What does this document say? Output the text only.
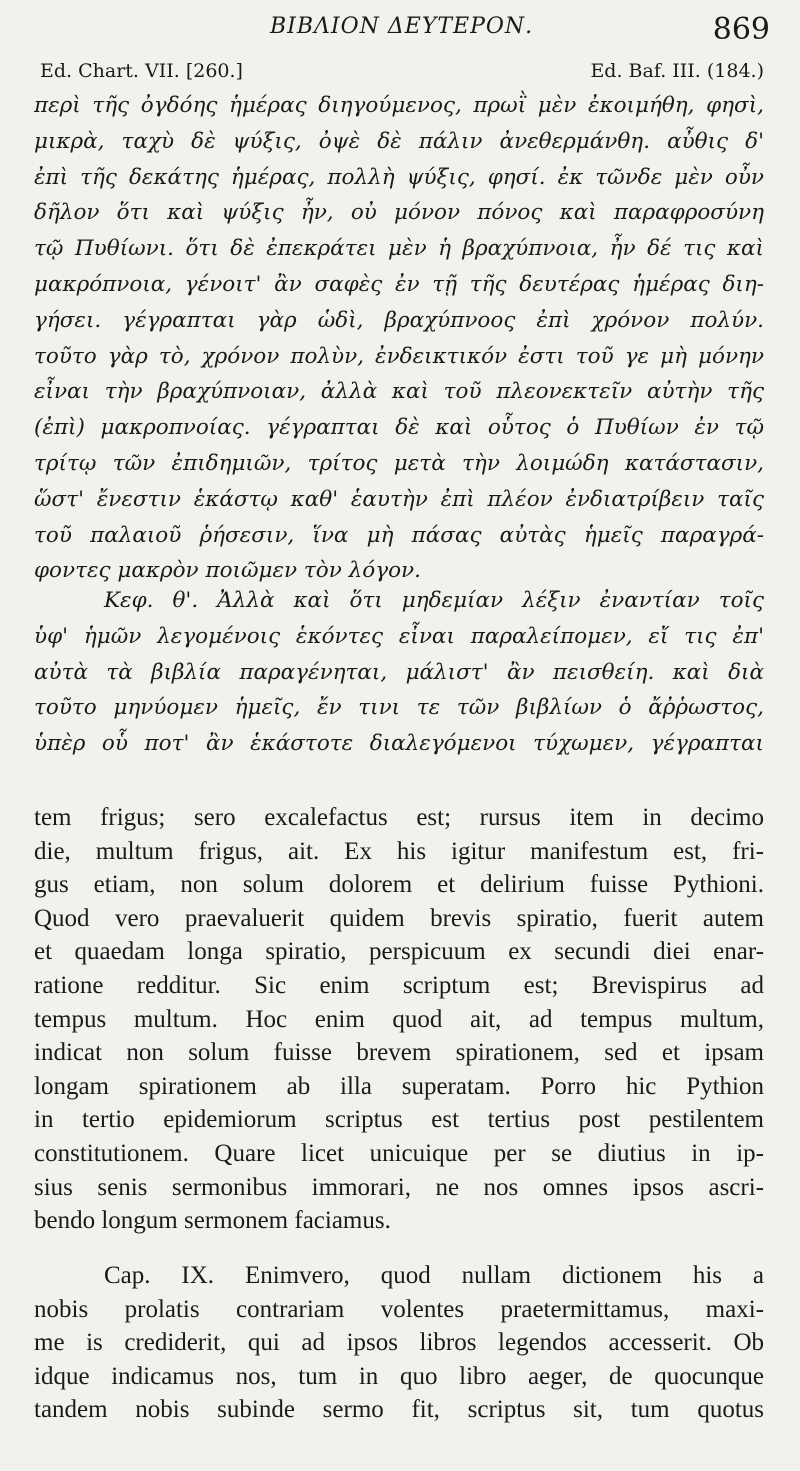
ΒΙΒΛΙΟΝ ΔΕΥΤΕΡΟΝ.	869
Ed. Chart. VII. [260.]	Ed. Baf. III. (184.)
περὶ τῆς ὀγδόης ἡμέρας διηγούμενος, πρωῒ μὲν ἐκοιμήθη, φησὶ,
μικρὰ, ταχὺ δὲ ψύξις, ὀψὲ δὲ πάλιν ἀνεθερμάνθη. αὖθις δ'
ἐπὶ τῆς δεκάτης ἡμέρας, πολλὴ ψύξις, φησί. ἐκ τῶνδε μὲν οὖν
δῆλον ὅτι καὶ ψύξις ἦν, οὐ μόνον πόνος καὶ παραφροσύνη
τῷ Πυθίωνι. ὅτι δὲ ἐπεκράτει μὲν ἡ βραχύπνοια, ἦν δέ τις καὶ
μακρόπνοια, γένοιτ' ἂν σαφὲς ἐν τῇ τῆς δευτέρας ἡμέρας διη-
γήσει. γέγραπται γὰρ ὡδὶ, βραχύπνοος ἐπὶ χρόνον πολύν.
τοῦτο γὰρ τὸ, χρόνον πολὺν, ἐνδεικτικόν ἐστι τοῦ γε μὴ μόνην
εἶναι τὴν βραχύπνοιαν, ἀλλὰ καὶ τοῦ πλεονεκτεῖν αὐτὴν τῆς
(ἐπὶ) μακροπνοίας. γέγραπται δὲ καὶ οὗτος ὁ Πυθίων ἐν τῷ
τρίτῳ τῶν ἐπιδημιῶν, τρίτος μετὰ τὴν λοιμώδη κατάστασιν,
ὥστ' ἔνεστιν ἑκάστῳ καθ' ἑαυτὴν ἐπὶ πλέον ἐνδιατρίβειν ταῖς
τοῦ παλαιοῦ ῥήσεσιν, ἵνα μὴ πάσας αὐτὰς ἡμεῖς παραγρά-
φοντες μακρὸν ποιῶμεν τὸν λόγον.
Κεφ. θ'. Ἀλλὰ καὶ ὅτι μηδεμίαν λέξιν ἐναντίαν τοῖς
ὑφ' ἡμῶν λεγομένοις ἑκόντες εἶναι παραλείπομεν, εἴ τις ἐπ'
αὐτὰ τὰ βιβλία παραγένηται, μάλιστ' ἂν πεισθείη. καὶ διὰ
τοῦτο μηνύομεν ἡμεῖς, ἔν τινι τε τῶν βιβλίων ὁ ἄῤῥωστος,
ὑπὲρ οὗ ποτ' ἂν ἑκάστοτε διαλεγόμενοι τύχωμεν, γέγραπται
tem frigus; sero excalefactus est; rursus item in decimo
die, multum frigus, ait. Ex his igitur manifestum est, fri-
gus etiam, non solum dolorem et delirium fuisse Pythioni.
Quod vero praevaluerit quidem brevis spiratio, fuerit autem
et quaedam longa spiratio, perspicuum ex secundi diei enar-
ratione redditur. Sic enim scriptum est; Brevispirus ad
tempus multum. Hoc enim quod ait, ad tempus multum,
indicat non solum fuisse brevem spirationem, sed et ipsam
longam spirationem ab illa superatam. Porro hic Pythion
in tertio epidemiorum scriptus est tertius post pestilentem
constitutionem. Quare licet unicuique per se diutius in ip-
sius senis sermonibus immorari, ne nos omnes ipsos ascri-
bendo longum sermonem faciamus.
Cap. IX. Enimvero, quod nullam dictionem his a
nobis prolatis contrariam volentes praetermittamus, maxi-
me is crediderit, qui ad ipsos libros legendos accesserit. Ob
idque indicamus nos, tum in quo libro aeger, de quocunque
tandem nobis subinde sermo fit, scriptus sit, tum quotus
